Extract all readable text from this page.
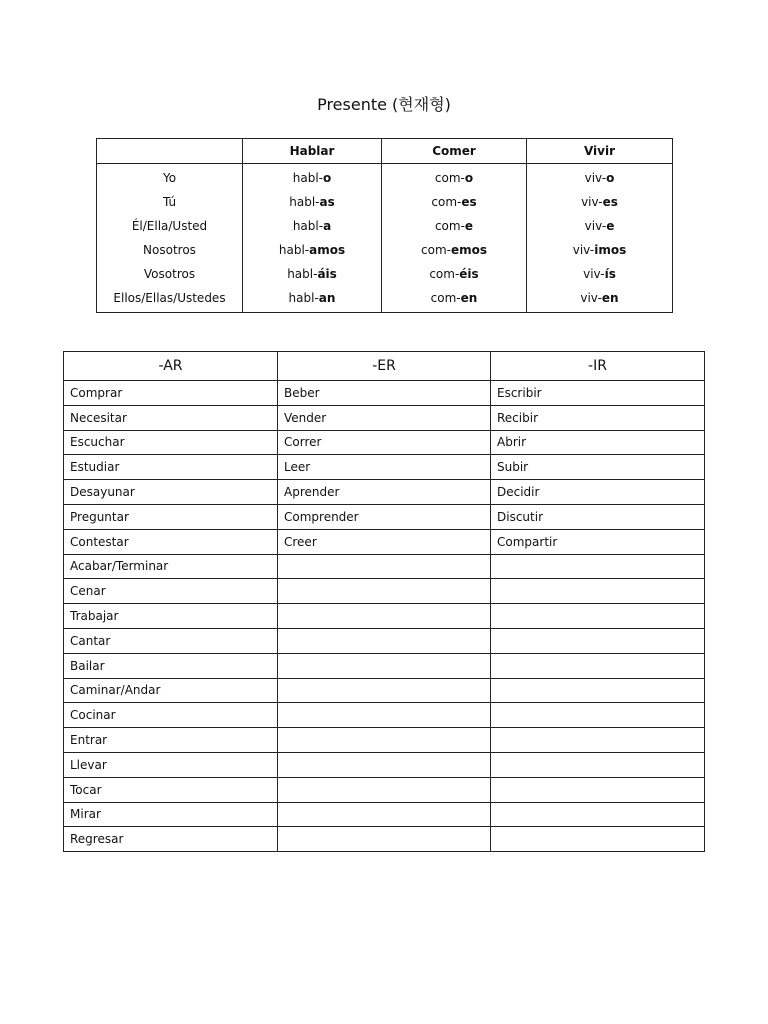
Presente (현재형)
	Hablar	Comer	Vivir
Yo	habl-o	com-o	viv-o
Tú	habl-as	com-es	viv-es
Él/Ella/Usted	habl-a	com-e	viv-e
Nosotros	habl-amos	com-emos	viv-imos
Vosotros	habl-áis	com-éis	viv-ís
Ellos/Ellas/Ustedes	habl-an	com-en	viv-en
-AR	-ER	-IR
Comprar	Beber	Escribir
Necesitar	Vender	Recibir
Escuchar	Correr	Abrir
Estudiar	Leer	Subir
Desayunar	Aprender	Decidir
Preguntar	Comprender	Discutir
Contestar	Creer	Compartir
Acabar/Terminar		
Cenar		
Trabajar		
Cantar		
Bailar		
Caminar/Andar		
Cocinar		
Entrar		
Llevar		
Tocar		
Mirar		
Regresar		
